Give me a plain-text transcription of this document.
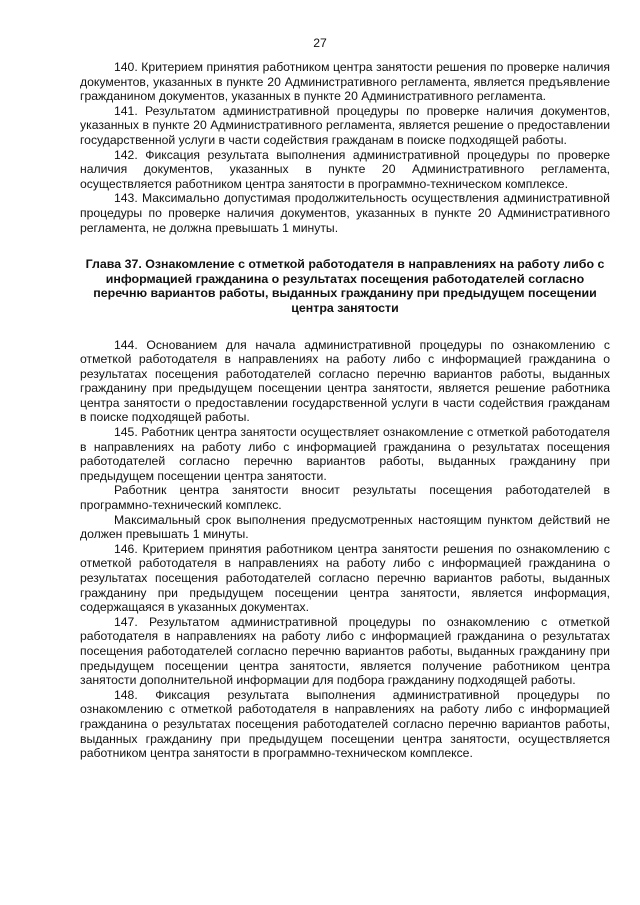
27

140. Критерием принятия работником центра занятости решения по проверке наличия документов, указанных в пункте 20 Административного регламента, является предъявление гражданином документов, указанных в пункте 20 Административного регламента.

141. Результатом административной процедуры по проверке наличия документов, указанных в пункте 20 Административного регламента, является решение о предоставлении государственной услуги в части содействия гражданам в поиске подходящей работы.

142. Фиксация результата выполнения административной процедуры по проверке наличия документов, указанных в пункте 20 Административного регламента, осуществляется работником центра занятости в программно-техническом комплексе.

143. Максимально допустимая продолжительность осуществления административной процедуры по проверке наличия документов, указанных в пункте 20 Административного регламента, не должна превышать 1 минуты.

Глава 37. Ознакомление с отметкой работодателя в направлениях на работу либо с информацией гражданина о результатах посещения работодателей согласно перечню вариантов работы, выданных гражданину при предыдущем посещении центра занятости

144. Основанием для начала административной процедуры по ознакомлению с отметкой работодателя в направлениях на работу либо с информацией гражданина о результатах посещения работодателей согласно перечню вариантов работы, выданных гражданину при предыдущем посещении центра занятости, является решение работника центра занятости о предоставлении государственной услуги в части содействия гражданам в поиске подходящей работы.

145. Работник центра занятости осуществляет ознакомление с отметкой работодателя в направлениях на работу либо с информацией гражданина о результатах посещения работодателей согласно перечню вариантов работы, выданных гражданину при предыдущем посещении центра занятости.

Работник центра занятости вносит результаты посещения работодателей в программно-технический комплекс.

Максимальный срок выполнения предусмотренных настоящим пунктом действий не должен превышать 1 минуты.

146. Критерием принятия работником центра занятости решения по ознакомлению с отметкой работодателя в направлениях на работу либо с информацией гражданина о результатах посещения работодателей согласно перечню вариантов работы, выданных гражданину при предыдущем посещении центра занятости, является информация, содержащаяся в указанных документах.

147. Результатом административной процедуры по ознакомлению с отметкой работодателя в направлениях на работу либо с информацией гражданина о результатах посещения работодателей согласно перечню вариантов работы, выданных гражданину при предыдущем посещении центра занятости, является получение работником центра занятости дополнительной информации для подбора гражданину подходящей работы.

148. Фиксация результата выполнения административной процедуры по ознакомлению с отметкой работодателя в направлениях на работу либо с информацией гражданина о результатах посещения работодателей согласно перечню вариантов работы, выданных гражданину при предыдущем посещении центра занятости, осуществляется работником центра занятости в программно-техническом комплексе.
